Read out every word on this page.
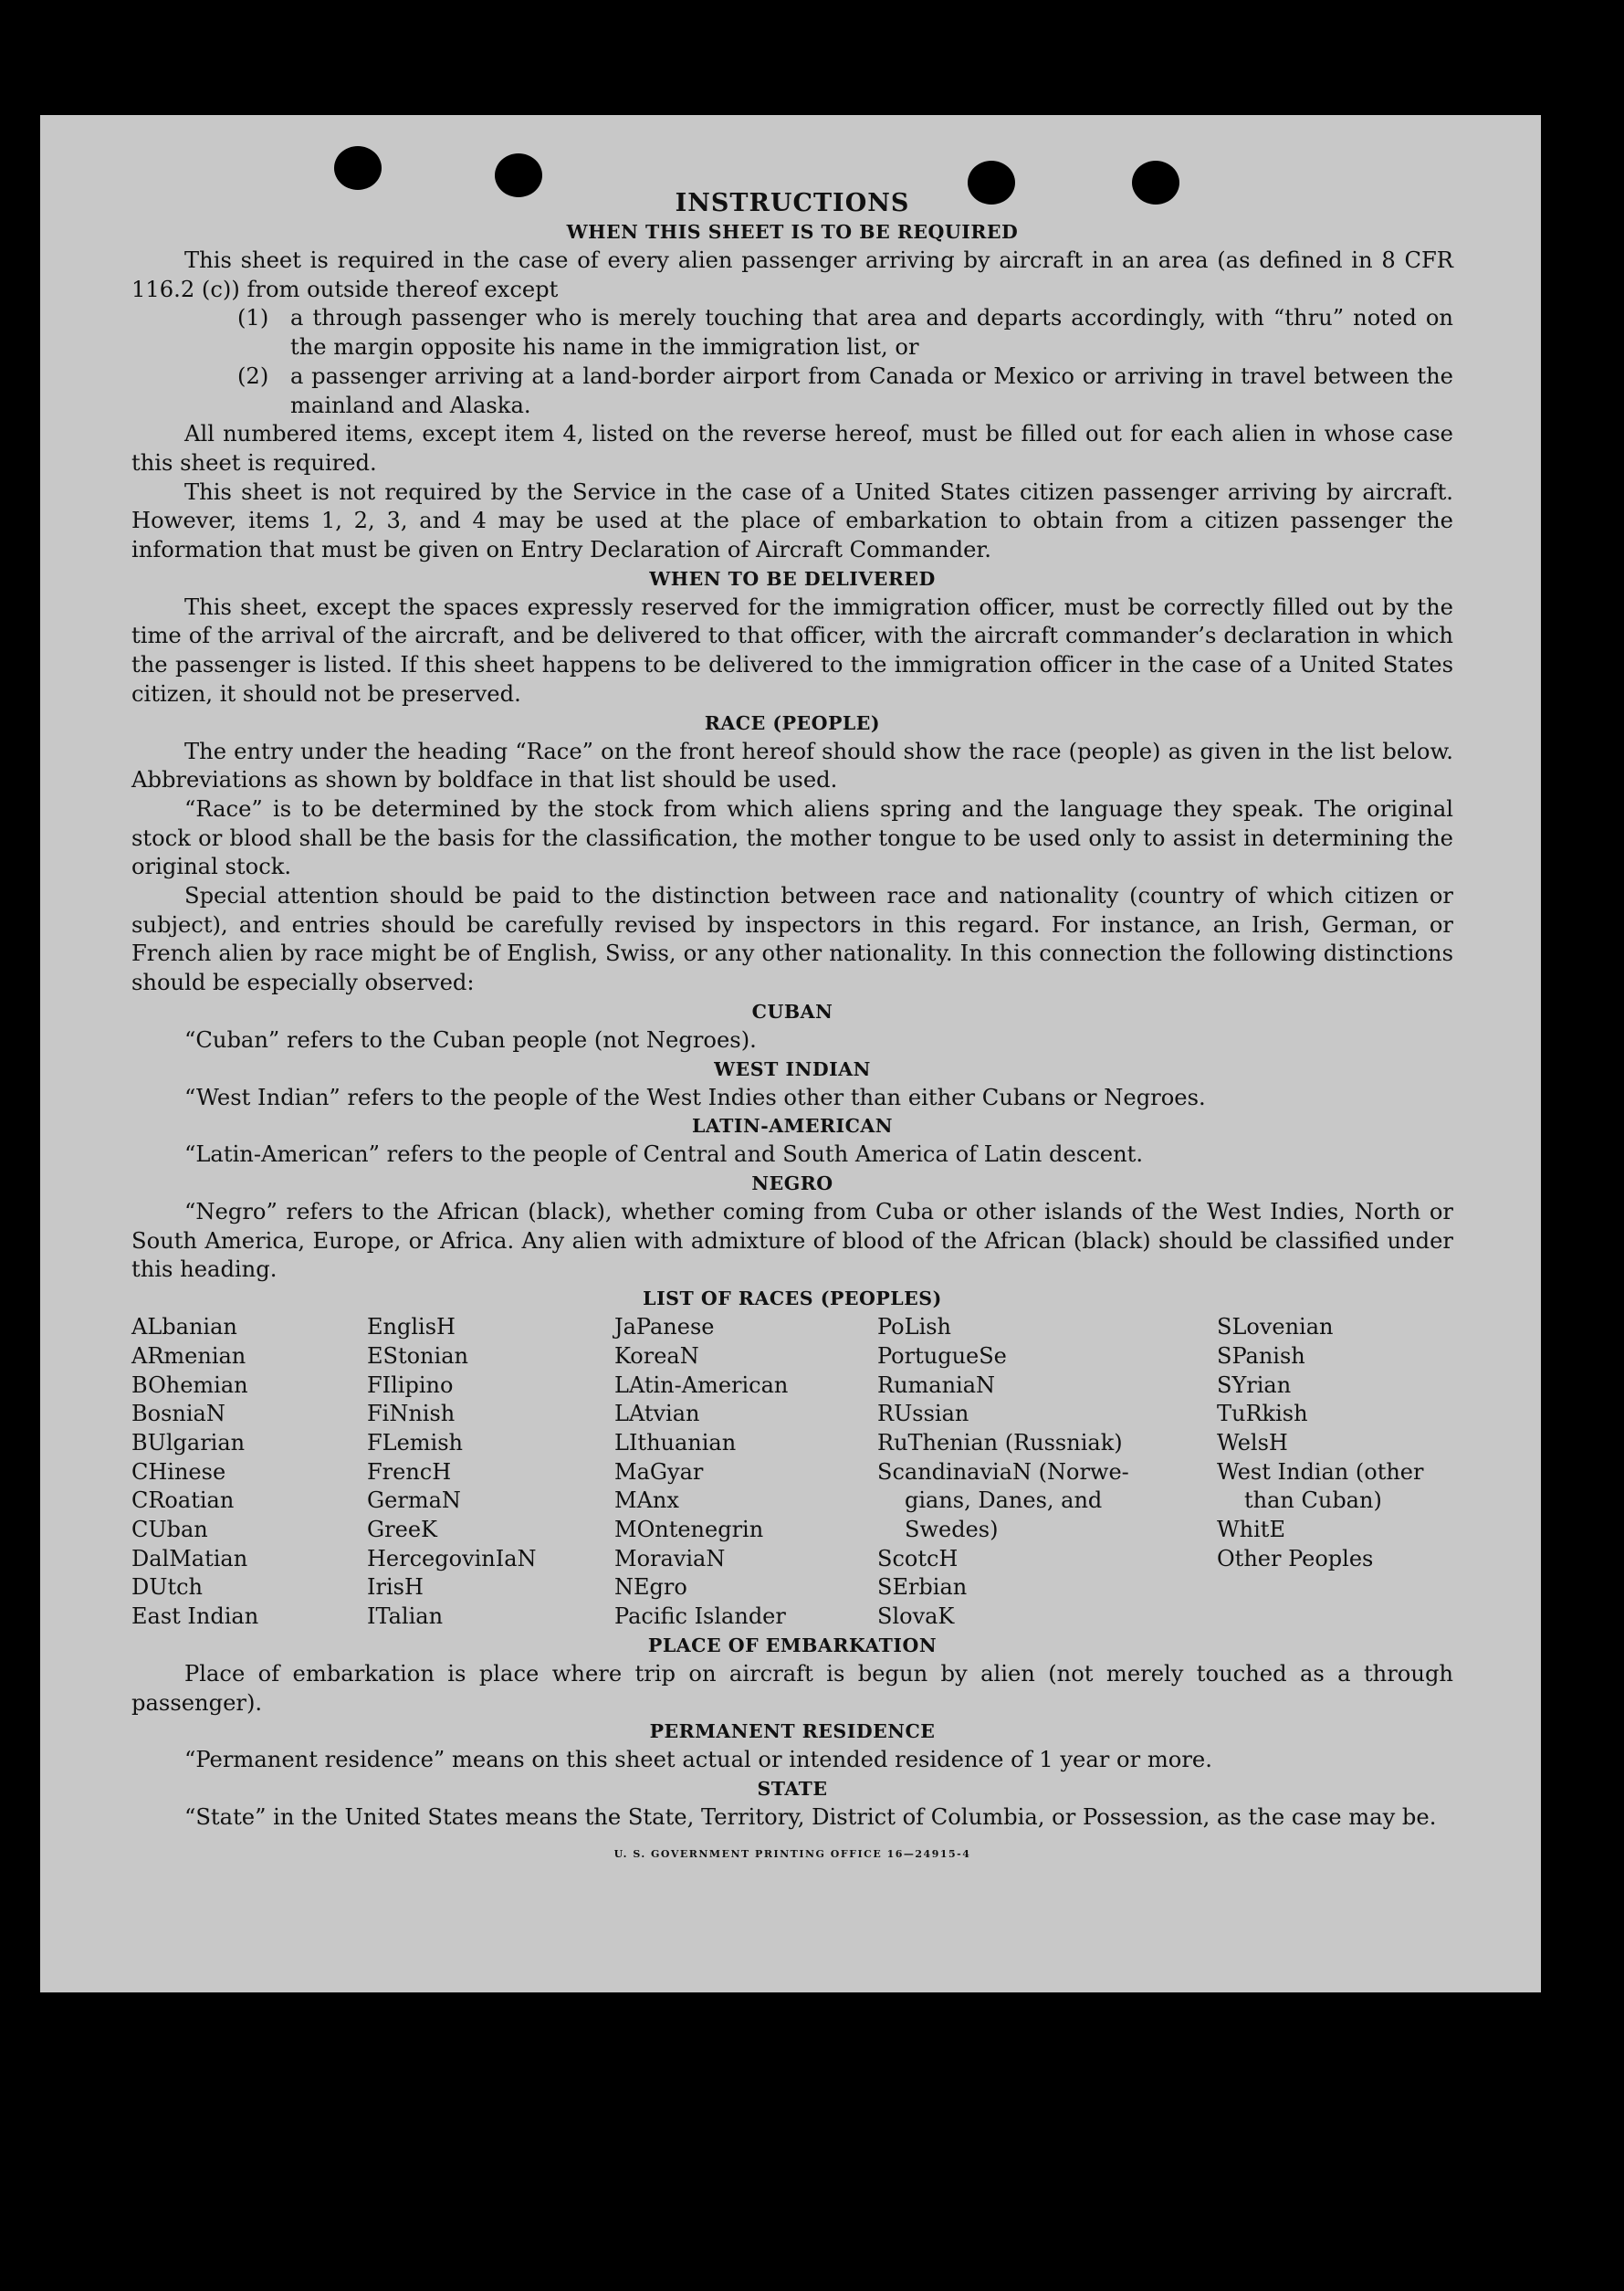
INSTRUCTIONS
WHEN THIS SHEET IS TO BE REQUIRED

This sheet is required in the case of every alien passenger arriving by aircraft in an area (as defined in 8 CFR 116.2 (c)) from outside thereof except

(1) a through passenger who is merely touching that area and departs accordingly, with “thru” noted on the margin opposite his name in the immigration list, or
(2) a passenger arriving at a land-border airport from Canada or Mexico or arriving in travel between the mainland and Alaska.

All numbered items, except item 4, listed on the reverse hereof, must be filled out for each alien in whose case this sheet is required.

This sheet is not required by the Service in the case of a United States citizen passenger arriving by aircraft. However, items 1, 2, 3, and 4 may be used at the place of embarkation to obtain from a citizen passenger the information that must be given on Entry Declaration of Aircraft Commander.

WHEN TO BE DELIVERED

This sheet, except the spaces expressly reserved for the immigration officer, must be correctly filled out by the time of the arrival of the aircraft, and be delivered to that officer, with the aircraft commander’s declaration in which the passenger is listed. If this sheet happens to be delivered to the immigration officer in the case of a United States citizen, it should not be preserved.

RACE (PEOPLE)

The entry under the heading “Race” on the front hereof should show the race (people) as given in the list below. Abbreviations as shown by boldface in that list should be used.

“Race” is to be determined by the stock from which aliens spring and the language they speak. The original stock or blood shall be the basis for the classification, the mother tongue to be used only to assist in determining the original stock.

Special attention should be paid to the distinction between race and nationality (country of which citizen or subject), and entries should be carefully revised by inspectors in this regard. For instance, an Irish, German, or French alien by race might be of English, Swiss, or any other nationality. In this connection the following distinctions should be especially observed:

CUBAN

“Cuban” refers to the Cuban people (not Negroes).

WEST INDIAN

“West Indian” refers to the people of the West Indies other than either Cubans or Negroes.

LATIN-AMERICAN

“Latin-American” refers to the people of Central and South America of Latin descent.

NEGRO

“Negro” refers to the African (black), whether coming from Cuba or other islands of the West Indies, North or South America, Europe, or Africa. Any alien with admixture of blood of the African (black) should be classified under this heading.

LIST OF RACES (PEOPLES)
ALbanian
ARmenian
BOhemian
BosniaN
BUlgarian
CHinese
CRoatian
CUban
DalMatian
DUtch
East Indian
EnglisH
EStonian
FIlipino
FiNnish
FLemish
FrencH
GermaN
GreeK
HercegovinIaN
IrisH
ITalian
JaPanese
KoreaN
LAtin-American
LAtvian
LIthuanian
MaGyar
MAnx
MOntenegrin
MoraviaN
NEgro
Pacific Islander
PoLish
PortugueSe
RumaniaN
RUssian
RuThenian (Russniak)
ScandinaviaN (Norwe-
gians, Danes, and
Swedes)
ScotcH
SErbian
SlovaK
SLovenian
SPanish
SYrian
TuRkish
WelsH
West Indian (other
than Cuban)
WhitE
Other Peoples
PLACE OF EMBARKATION

Place of embarkation is place where trip on aircraft is begun by alien (not merely touched as a through passenger).

PERMANENT RESIDENCE

“Permanent residence” means on this sheet actual or intended residence of 1 year or more.

STATE

“State” in the United States means the State, Territory, District of Columbia, or Possession, as the case may be.

U. S. GOVERNMENT PRINTING OFFICE 16—24915-4
